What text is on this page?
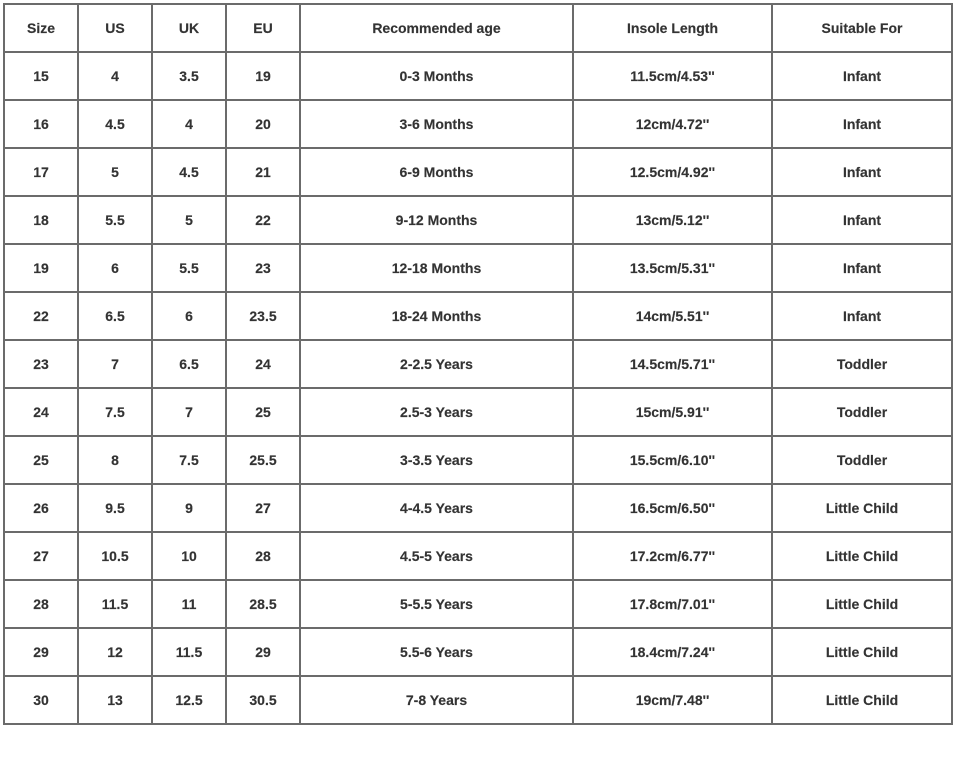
Size	US	UK	EU	Recommended age	Insole Length	Suitable For
15	4	3.5	19	0-3 Months	11.5cm/4.53''	Infant
16	4.5	4	20	3-6 Months	12cm/4.72''	Infant
17	5	4.5	21	6-9 Months	12.5cm/4.92''	Infant
18	5.5	5	22	9-12 Months	13cm/5.12''	Infant
19	6	5.5	23	12-18 Months	13.5cm/5.31''	Infant
22	6.5	6	23.5	18-24 Months	14cm/5.51''	Infant
23	7	6.5	24	2-2.5 Years	14.5cm/5.71''	Toddler
24	7.5	7	25	2.5-3 Years	15cm/5.91''	Toddler
25	8	7.5	25.5	3-3.5 Years	15.5cm/6.10''	Toddler
26	9.5	9	27	4-4.5 Years	16.5cm/6.50''	Little Child
27	10.5	10	28	4.5-5 Years	17.2cm/6.77''	Little Child
28	11.5	11	28.5	5-5.5 Years	17.8cm/7.01''	Little Child
29	12	11.5	29	5.5-6 Years	18.4cm/7.24''	Little Child
30	13	12.5	30.5	7-8 Years	19cm/7.48''	Little Child
